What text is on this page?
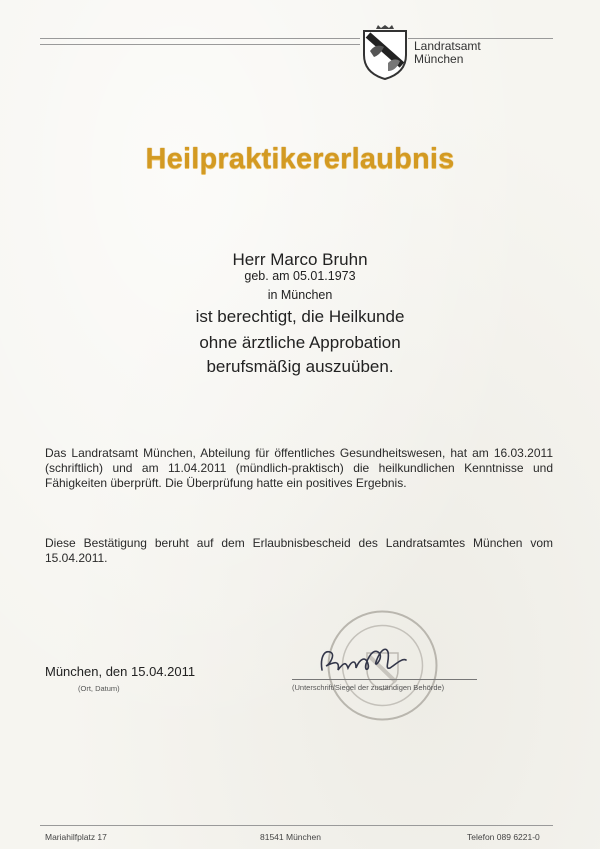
Landratsamt
München
Heilpraktikererlaubnis
Herr Marco Bruhn
geb. am 05.01.1973
in München
ist berechtigt, die Heilkunde
ohne ärztliche Approbation
berufsmäßig auszuüben.
Das Landratsamt München, Abteilung für öffentliches Gesundheitswesen, hat am 16.03.2011 (schriftlich) und am 11.04.2011 (mündlich-praktisch) die heilkundlichen Kenntnisse und Fähigkeiten überprüft. Die Überprüfung hatte ein positives Ergebnis.
Diese Bestätigung beruht auf dem Erlaubnisbescheid des Landratsamtes München vom 15.04.2011.
München, den 15.04.2011
(Ort, Datum)	(Unterschrift/Siegel der zuständigen Behörde)
Mariahilfplatz 17	81541 München	Telefon 089 6221-0
